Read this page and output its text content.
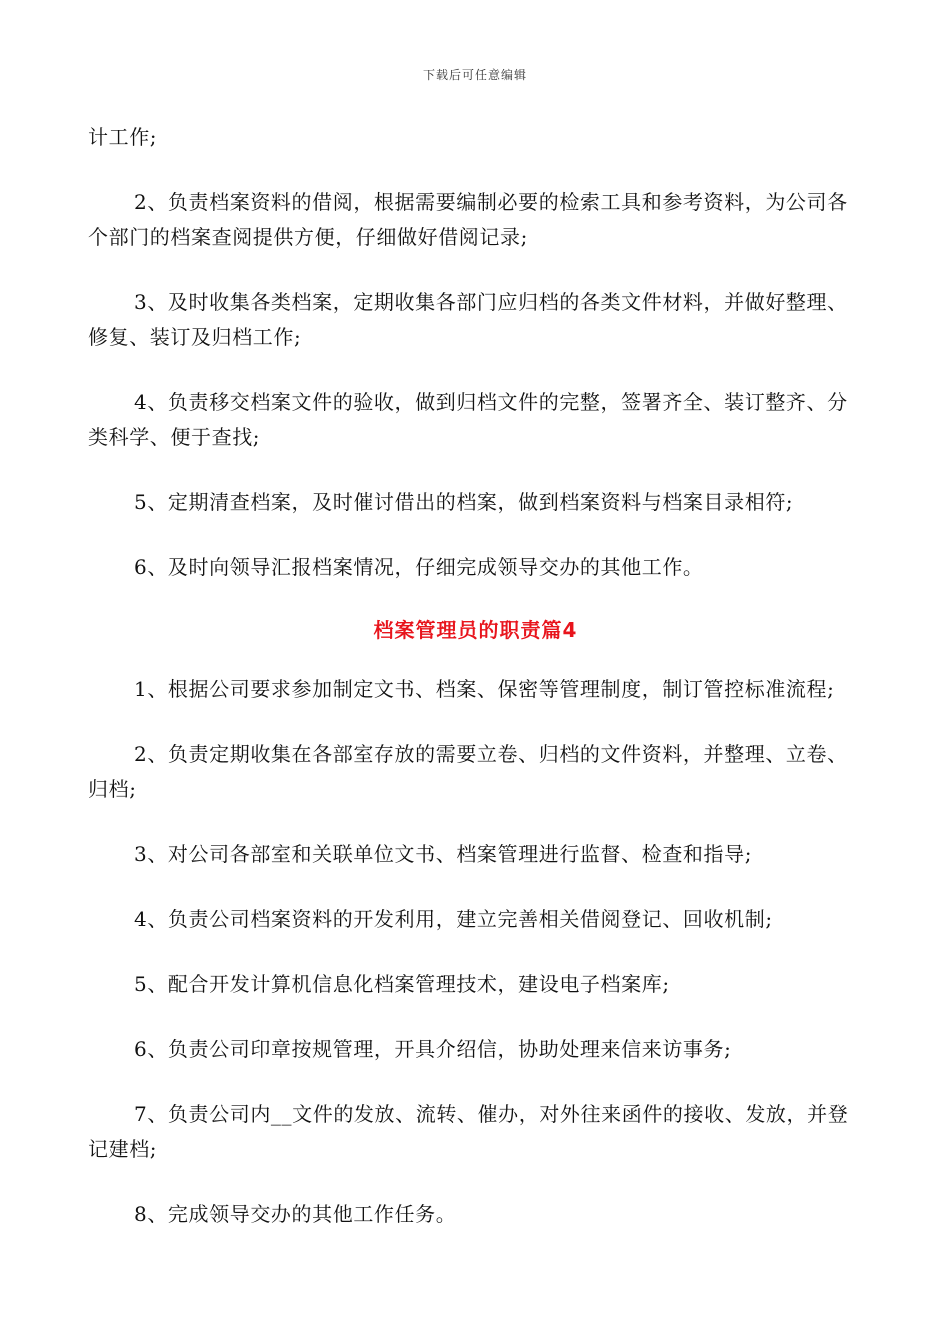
下载后可任意编辑

计工作;

2、负责档案资料的借阅，根据需要编制必要的检索工具和参考资料，为公司各个部门的档案查阅提供方便，仔细做好借阅记录;

3、及时收集各类档案，定期收集各部门应归档的各类文件材料，并做好整理、修复、装订及归档工作;

4、负责移交档案文件的验收，做到归档文件的完整，签署齐全、装订整齐、分类科学、便于查找;

5、定期清查档案，及时催讨借出的档案，做到档案资料与档案目录相符;

6、及时向领导汇报档案情况，仔细完成领导交办的其他工作。

档案管理员的职责篇4

1、根据公司要求参加制定文书、档案、保密等管理制度，制订管控标准流程;

2、负责定期收集在各部室存放的需要立卷、归档的文件资料，并整理、立卷、归档;

3、对公司各部室和关联单位文书、档案管理进行监督、检查和指导;

4、负责公司档案资料的开发利用，建立完善相关借阅登记、回收机制;

5、配合开发计算机信息化档案管理技术，建设电子档案库;

6、负责公司印章按规管理，开具介绍信，协助处理来信来访事务;

7、负责公司内__文件的发放、流转、催办，对外往来函件的接收、发放，并登记建档;

8、完成领导交办的其他工作任务。
